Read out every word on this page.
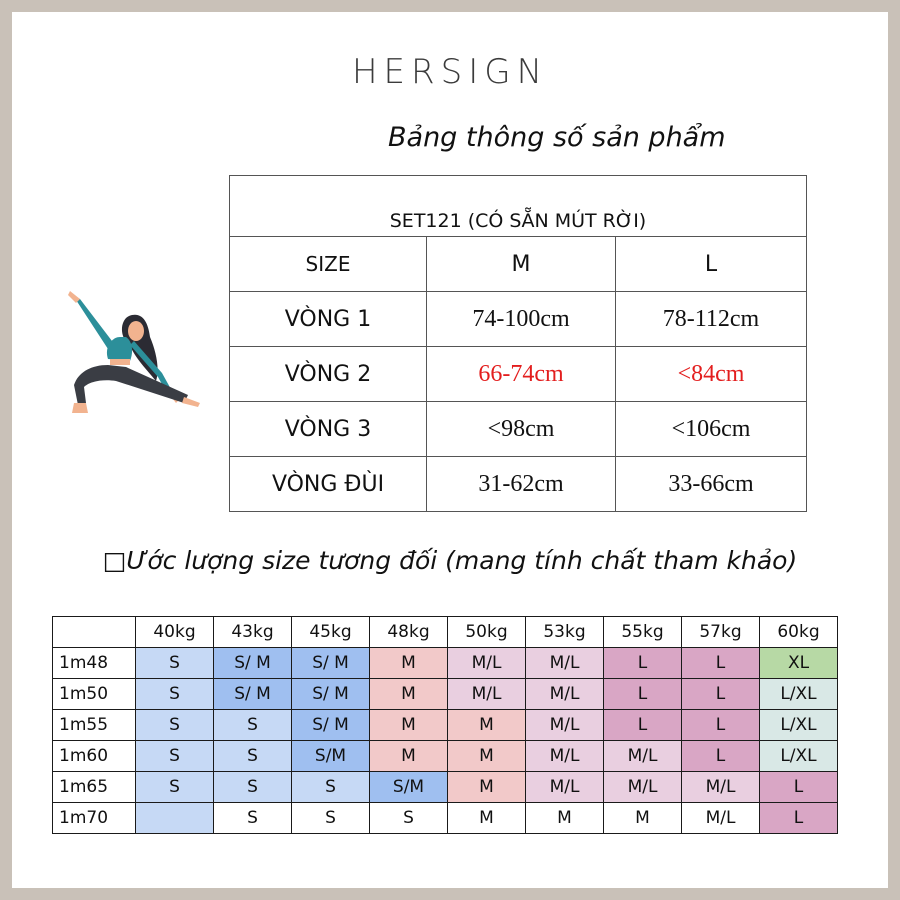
HERSIGN
Bảng thông số sản phẩm
SET121 (CÓ SẴN MÚT RỜI)		
SIZE	M	L
VÒNG 1	74-100cm	78-112cm
VÒNG 2	66-74cm	<84cm
VÒNG 3	<98cm	<106cm
VÒNG ĐÙI	31-62cm	33-66cm
□Ước lượng size tương đối (mang tính chất tham khảo)
	40kg	43kg	45kg	48kg	50kg	53kg	55kg	57kg	60kg
1m48	S	S/ M	S/ M	M	M/L	M/L	L	L	XL
1m50	S	S/ M	S/ M	M	M/L	M/L	L	L	L/XL
1m55	S	S	S/ M	M	M	M/L	L	L	L/XL
1m60	S	S	S/M	M	M	M/L	M/L	L	L/XL
1m65	S	S	S	S/M	M	M/L	M/L	M/L	L
1m70		S	S	S	M	M	M	M/L	L
